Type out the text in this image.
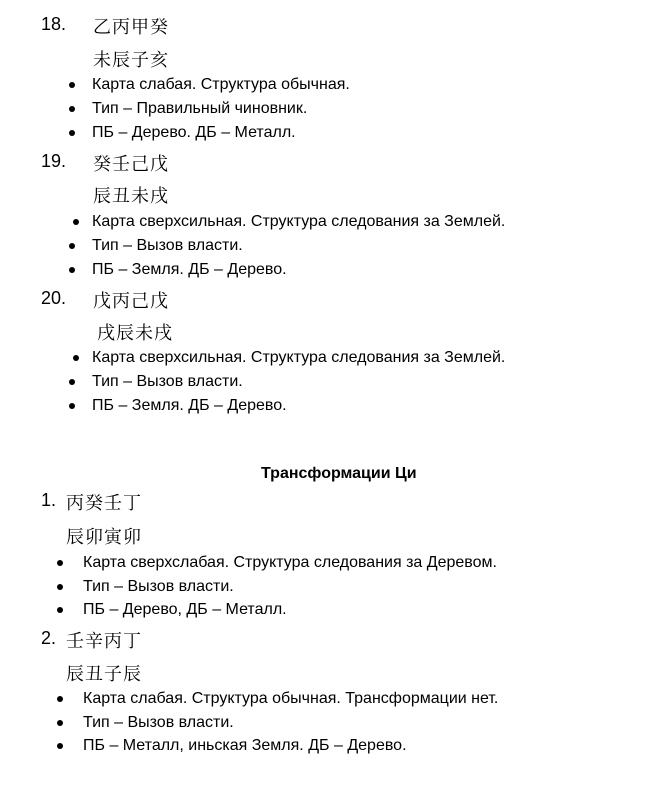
18. 乙丙甲癸
未辰子亥
Карта слабая. Структура обычная.
Тип – Правильный чиновник.
ПБ – Дерево. ДБ – Металл.
19. 癸壬己戊
辰丑未戌
Карта сверхсильная. Структура следования за Землей.
Тип – Вызов власти.
ПБ – Земля. ДБ – Дерево.
20. 戊丙己戊
戌辰未戌
Карта сверхсильная. Структура следования за Землей.
Тип – Вызов власти.
ПБ – Земля. ДБ – Дерево.
Трансформации Ци
1. 丙癸壬丁
辰卯寅卯
Карта сверхслабая. Структура следования за Деревом.
Тип – Вызов власти.
ПБ – Дерево, ДБ – Металл.
2. 壬辛丙丁
辰丑子辰
Карта слабая. Структура обычная. Трансформации нет.
Тип – Вызов власти.
ПБ – Металл, иньская Земля. ДБ – Дерево.
